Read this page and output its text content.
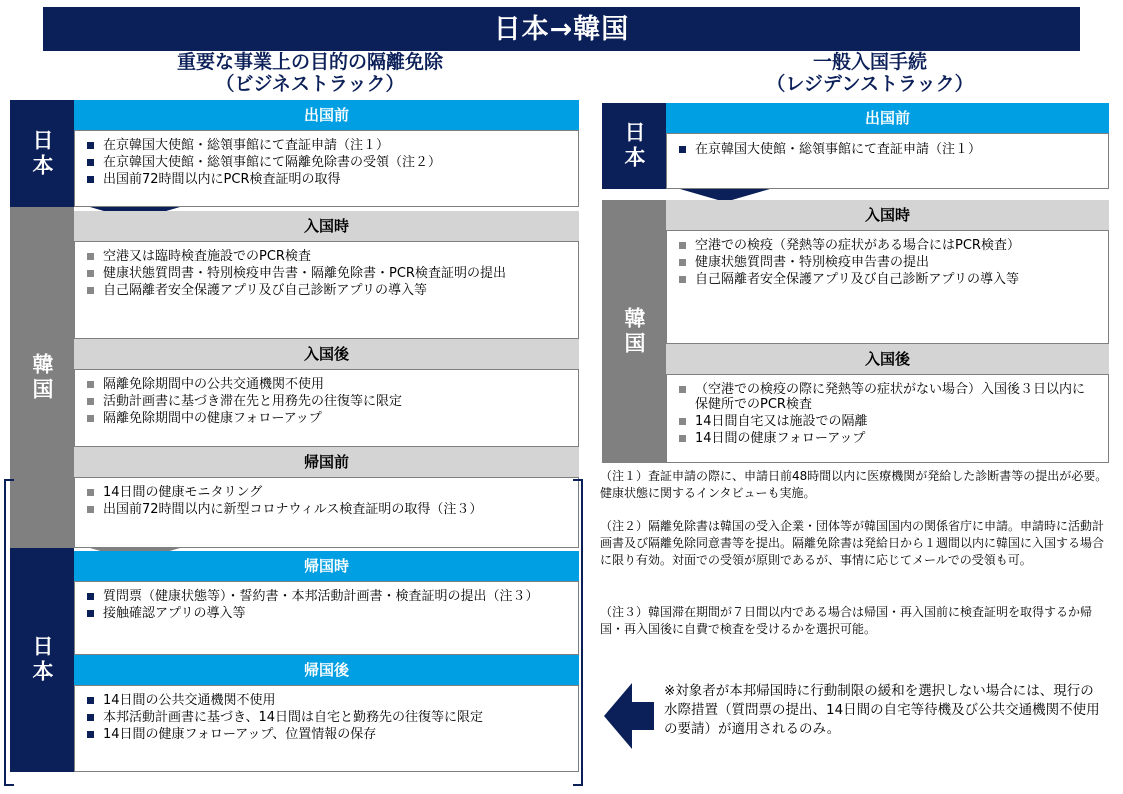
日本→韓国
重要な事業上の目的の隔離免除
（ビジネストラック）
一般入国手続
（レジデンストラック）
日本
韓国
日本
出国前
在京韓国大使館・総領事館にて査証申請（注１）
在京韓国大使館・総領事館にて隔離免除書の受領（注２）
出国前72時間以内にPCR検査証明の取得
入国時
空港又は臨時検査施設でのPCR検査
健康状態質問書・特別検疫申告書・隔離免除書・PCR検査証明の提出
自己隔離者安全保護アプリ及び自己診断アプリの導入等
入国後
隔離免除期間中の公共交通機関不使用
活動計画書に基づき滞在先と用務先の往復等に限定
隔離免除期間中の健康フォローアップ
帰国前
14日間の健康モニタリング
出国前72時間以内に新型コロナウィルス検査証明の取得（注３）
帰国時
質問票（健康状態等）・誓約書・本邦活動計画書・検査証明の提出（注３）
接触確認アプリの導入等
帰国後
14日間の公共交通機関不使用
本邦活動計画書に基づき、14日間は自宅と勤務先の往復等に限定
14日間の健康フォローアップ、位置情報の保存
日本
韓国
出国前
在京韓国大使館・総領事館にて査証申請（注１）
入国時
空港での検疫（発熱等の症状がある場合にはPCR検査）
健康状態質問書・特別検疫申告書の提出
自己隔離者安全保護アプリ及び自己診断アプリの導入等
入国後
（空港での検疫の際に発熱等の症状がない場合）入国後３日以内に保健所でのPCR検査
14日間自宅又は施設での隔離
14日間の健康フォローアップ
（注１）査証申請の際に、申請日前48時間以内に医療機関が発給した診断書等の提出が必要。健康状態に関するインタビューも実施。
（注２）隔離免除書は韓国の受入企業・団体等が韓国国内の関係省庁に申請。申請時に活動計画書及び隔離免除同意書等を提出。隔離免除書は発給日から１週間以内に韓国に入国する場合に限り有効。対面での受領が原則であるが、事情に応じてメールでの受領も可。
（注３）韓国滞在期間が７日間以内である場合は帰国・再入国前に検査証明を取得するか帰国・再入国後に自費で検査を受けるかを選択可能。
※対象者が本邦帰国時に行動制限の緩和を選択しない場合には、現行の水際措置（質問票の提出、14日間の自宅等待機及び公共交通機関不使用の要請）が適用されるのみ。
